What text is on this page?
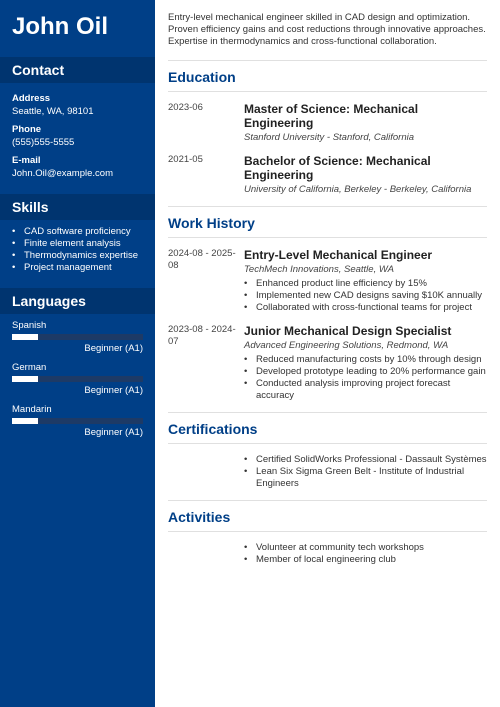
John Oil
Contact
Address
Seattle, WA, 98101
Phone
(555)555-5555
E-mail
John.Oil@example.com
Skills
• CAD software proficiency
• Finite element analysis
• Thermodynamics expertise
• Project management
Languages
Spanish
Beginner (A1)
German
Beginner (A1)
Mandarin
Beginner (A1)
Entry-level mechanical engineer skilled in CAD design and optimization. Proven efficiency gains and cost reductions through innovative approaches. Expertise in thermodynamics and cross-functional collaboration.
Education
2023-06	Master of Science: Mechanical Engineering
Stanford University - Stanford, California
2021-05	Bachelor of Science: Mechanical Engineering
University of California, Berkeley - Berkeley, California
Work History
2024-08 - 2025-08
Entry-Level Mechanical Engineer
TechMech Innovations, Seattle, WA
• Enhanced product line efficiency by 15%
• Implemented new CAD designs saving $10K annually
• Collaborated with cross-functional teams for project
2023-08 - 2024-07
Junior Mechanical Design Specialist
Advanced Engineering Solutions, Redmond, WA
• Reduced manufacturing costs by 10% through design
• Developed prototype leading to 20% performance gain
• Conducted analysis improving project forecast accuracy
Certifications
• Certified SolidWorks Professional - Dassault Systèmes
• Lean Six Sigma Green Belt - Institute of Industrial Engineers
Activities
• Volunteer at community tech workshops
• Member of local engineering club
